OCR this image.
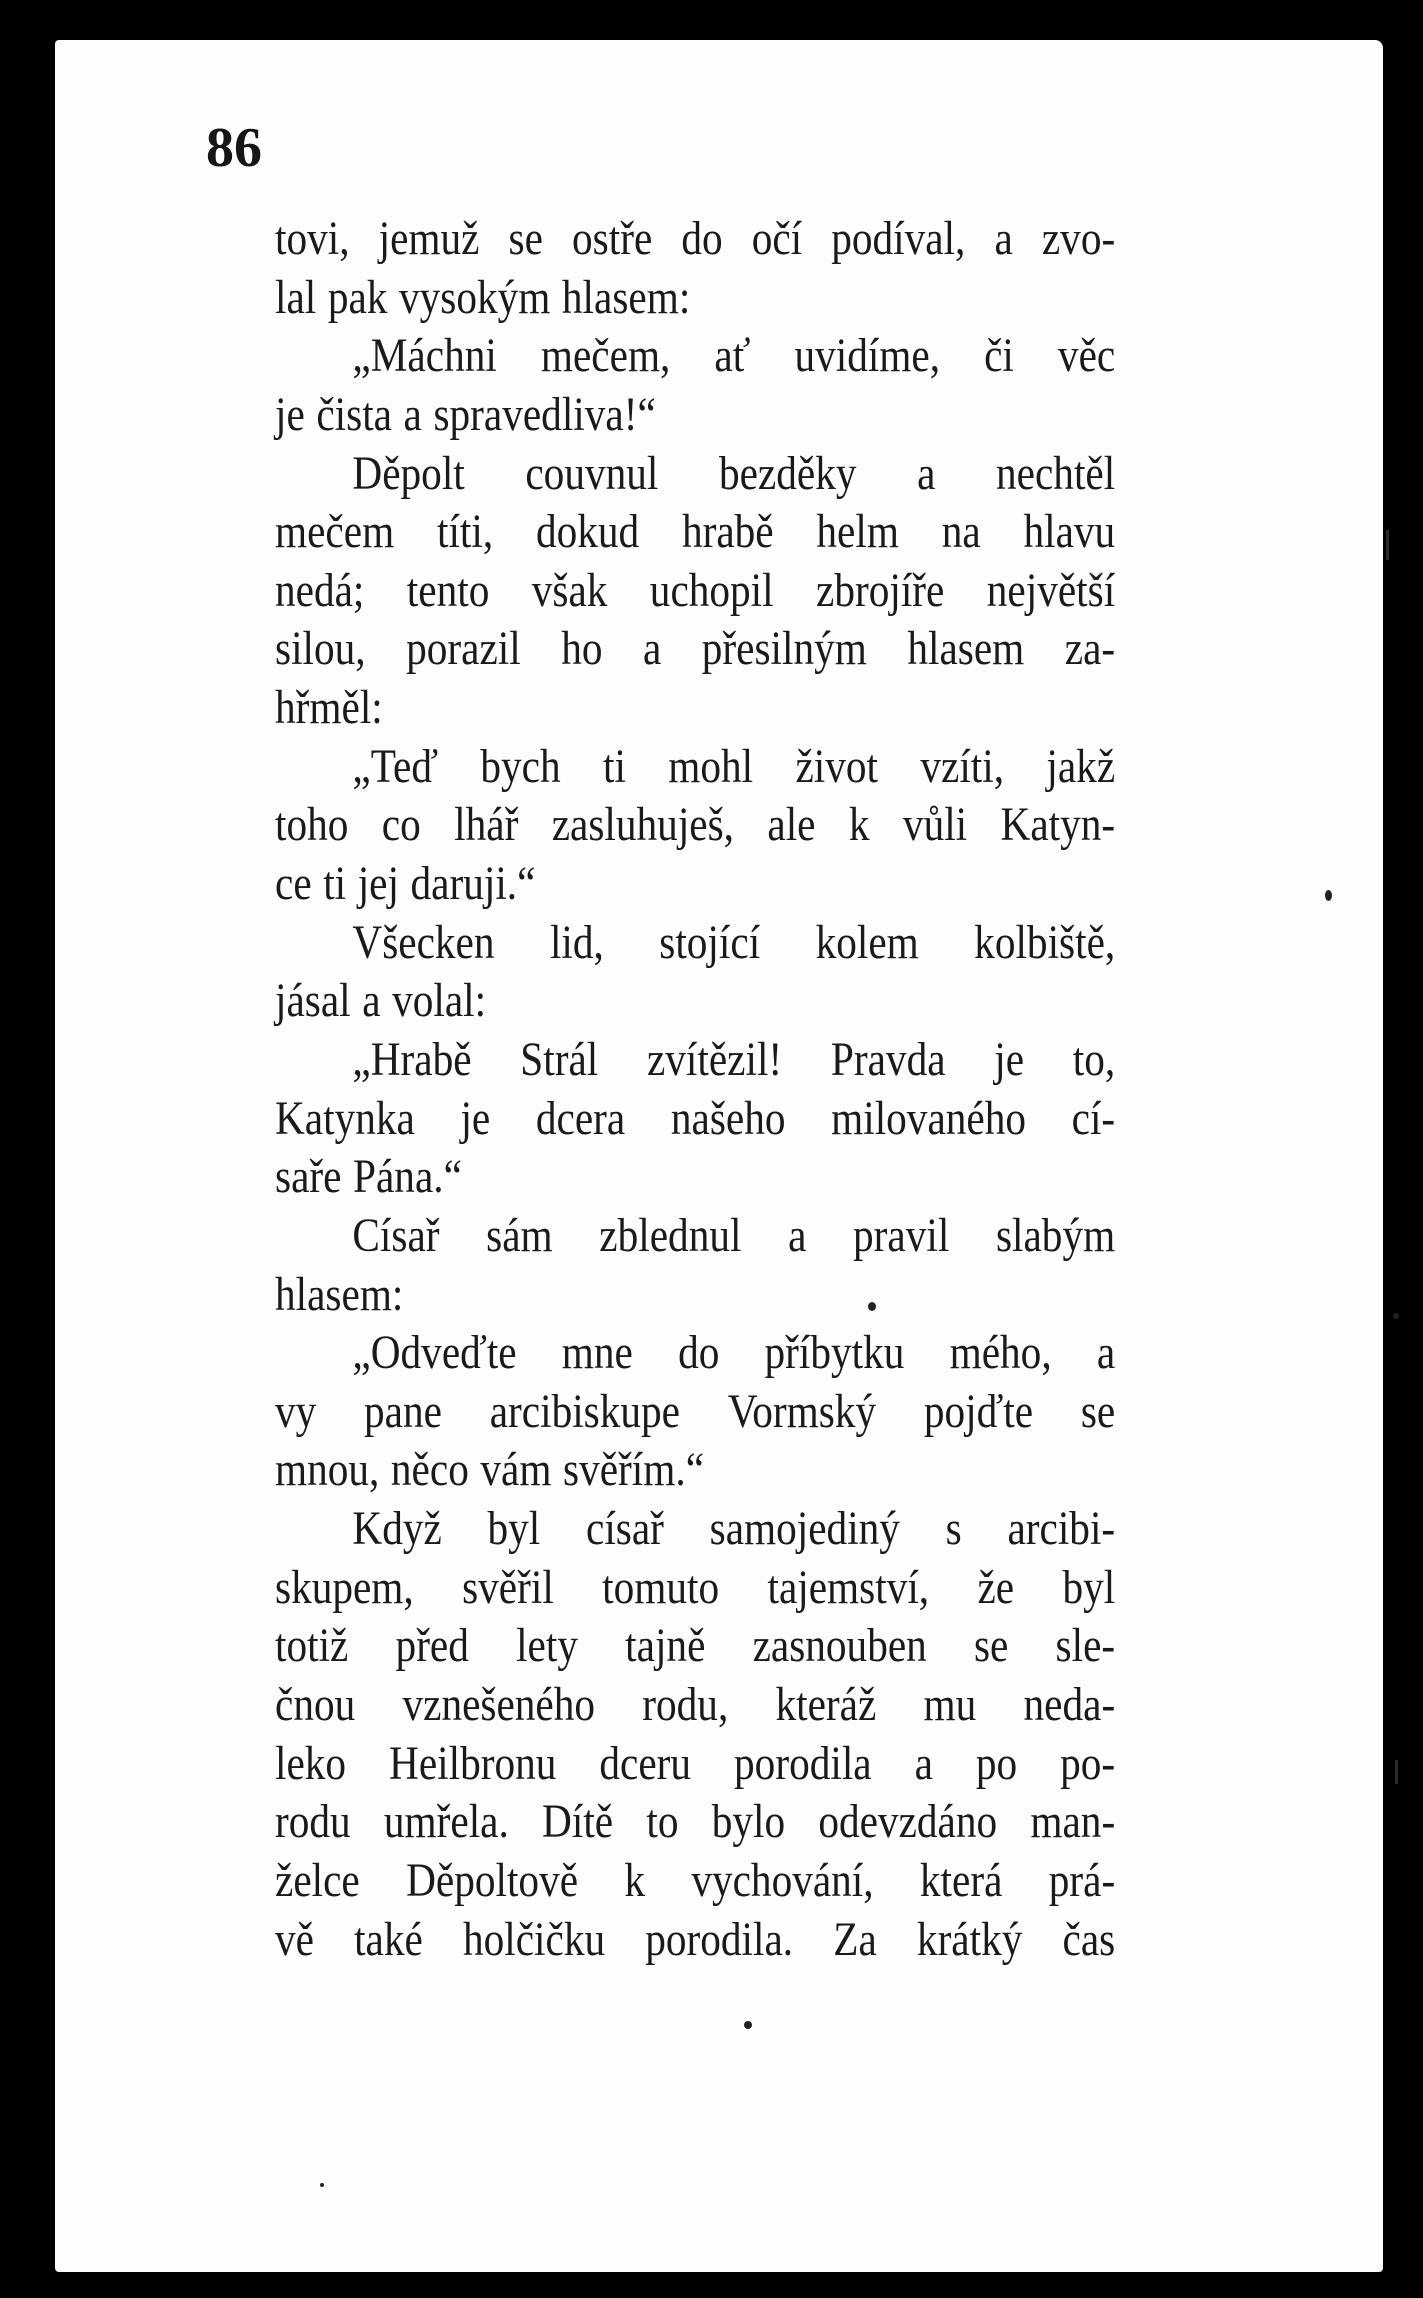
86
tovi, jemuž se ostře do očí podíval, a zvo-
lal pak vysokým hlasem:
„Máchni mečem, ať uvidíme, či věc
je čista a spravedliva!“
Děpolt couvnul bezděky a nechtěl
mečem títi, dokud hrabě helm na hlavu
nedá; tento však uchopil zbrojíře největší
silou, porazil ho a přesilným hlasem za-
hřměl:
„Teď bych ti mohl život vzíti, jakž
toho co lhář zasluhuješ, ale k vůli Katyn-
ce ti jej daruji.“
Všecken lid, stojící kolem kolbiště,
jásal a volal:
„Hrabě Strál zvítězil! Pravda je to,
Katynka je dcera našeho milovaného cí-
saře Pána.“
Císař sám zblednul a pravil slabým
hlasem:
„Odveďte mne do příbytku mého, a
vy pane arcibiskupe Vormský pojďte se
mnou, něco vám svěřím.“
Když byl císař samojediný s arcibi-
skupem, svěřil tomuto tajemství, že byl
totiž před lety tajně zasnouben se sle-
čnou vznešeného rodu, kteráž mu neda-
leko Heilbronu dceru porodila a po po-
rodu umřela. Dítě to bylo odevzdáno man-
želce Děpoltově k vychování, která prá-
vě také holčičku porodila. Za krátký čas
